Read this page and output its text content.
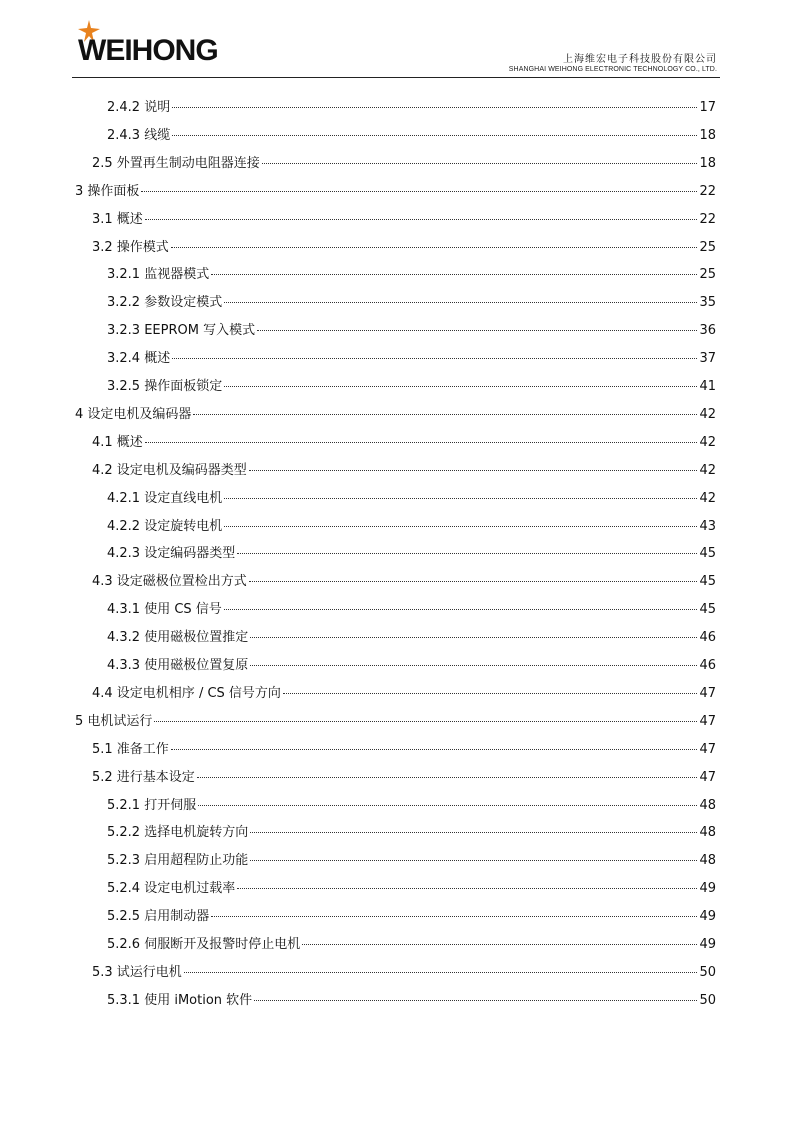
WEIHONG	上海维宏电子科技股份有限公司
SHANGHAI WEIHONG ELECTRONIC TECHNOLOGY CO., LTD.
2.4.2 说明	17
2.4.3 线缆	18
2.5 外置再生制动电阻器连接	18
3 操作面板	22
3.1 概述	22
3.2 操作模式	25
3.2.1 监视器模式	25
3.2.2 参数设定模式	35
3.2.3 EEPROM 写入模式	36
3.2.4 概述	37
3.2.5 操作面板锁定	41
4 设定电机及编码器	42
4.1 概述	42
4.2 设定电机及编码器类型	42
4.2.1 设定直线电机	42
4.2.2 设定旋转电机	43
4.2.3 设定编码器类型	45
4.3 设定磁极位置检出方式	45
4.3.1 使用 CS 信号	45
4.3.2 使用磁极位置推定	46
4.3.3 使用磁极位置复原	46
4.4 设定电机相序 / CS 信号方向	47
5 电机试运行	47
5.1 准备工作	47
5.2 进行基本设定	47
5.2.1 打开伺服	48
5.2.2 选择电机旋转方向	48
5.2.3 启用超程防止功能	48
5.2.4 设定电机过载率	49
5.2.5 启用制动器	49
5.2.6 伺服断开及报警时停止电机	49
5.3 试运行电机	50
5.3.1 使用 iMotion 软件	50
